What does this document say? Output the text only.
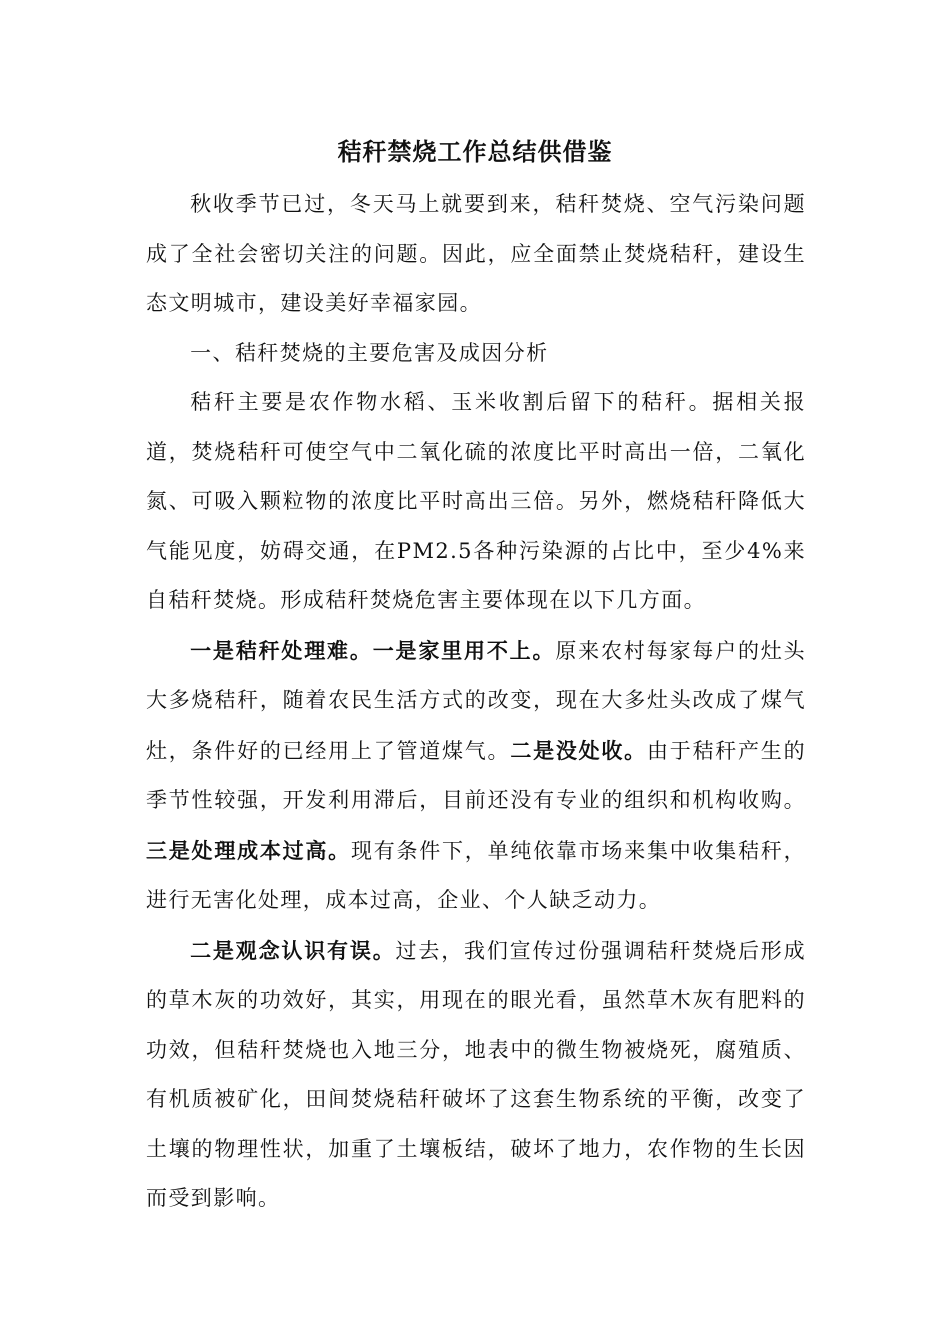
秸秆禁烧工作总结供借鉴

秋收季节已过，冬天马上就要到来，秸秆焚烧、空气污染问题成了全社会密切关注的问题。因此，应全面禁止焚烧秸秆，建设生态文明城市，建设美好幸福家园。

一、秸秆焚烧的主要危害及成因分析

秸秆主要是农作物水稻、玉米收割后留下的秸秆。据相关报道，焚烧秸秆可使空气中二氧化硫的浓度比平时高出一倍，二氧化氮、可吸入颗粒物的浓度比平时高出三倍。另外，燃烧秸秆降低大气能见度，妨碍交通，在PM2.5各种污染源的占比中，至少4%来自秸秆焚烧。形成秸秆焚烧危害主要体现在以下几方面。

一是秸秆处理难。一是家里用不上。原来农村每家每户的灶头大多烧秸秆，随着农民生活方式的改变，现在大多灶头改成了煤气灶，条件好的已经用上了管道煤气。二是没处收。由于秸秆产生的季节性较强，开发利用滞后，目前还没有专业的组织和机构收购。三是处理成本过高。现有条件下，单纯依靠市场来集中收集秸秆，进行无害化处理，成本过高，企业、个人缺乏动力。

二是观念认识有误。过去，我们宣传过份强调秸秆焚烧后形成的草木灰的功效好，其实，用现在的眼光看，虽然草木灰有肥料的功效，但秸秆焚烧也入地三分，地表中的微生物被烧死，腐殖质、有机质被矿化，田间焚烧秸秆破坏了这套生物系统的平衡，改变了土壤的物理性状，加重了土壤板结，破坏了地力，农作物的生长因而受到影响。
